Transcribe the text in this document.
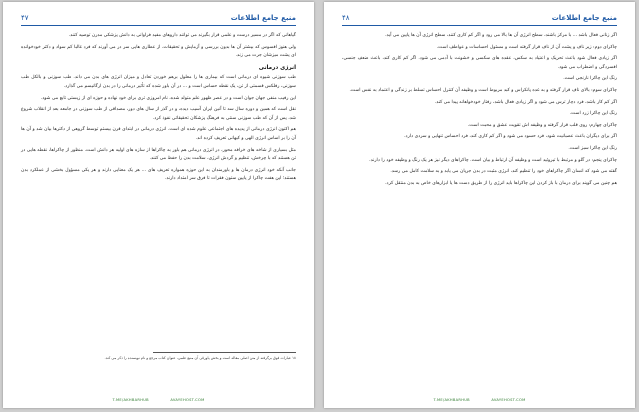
منبع جامع اطلاعات
۴۷

گیاهانی که اگر در مسیر درست و علمی قرار بگیرند می توانند داروهای مفید فراوانی به دانش پزشکی مدرن توصیه کنند.

ولی هنوز افسوس که بیشتر آن ها بدون بررسی و آزمایش و تحقیقات، از عطاری هایی سر در می آورند که فرد غالبا کم سواد و دکتر خودخوانده ای پشت میزشان جرت می زند.

انرژی درمانی

طب سوزنی شیوه ای درمانی است که بیماری ها را معلول برهم خوردن تعادل و میزان انرژی های بدن می داند. طب سوزنی و بالکل طب سوزنی، رفلکس قسمتی از تن، یک نقطه حساس است و ... در آن باور شده که تأثیر درمانی را در بدن ارگانیسم می گذارد.

این رفیب منفی جهان جوان است و در عصر ظهور علم متولد شده، نام امروزی تری برای خود نهاده و حوزه ای از زیستی تابع می شود.

نقل است که همین و دوره سال سه تا آنین ایران آسیب دیده، و در گذر از سال های دور، مصداقی از طب سوزنی در جامعه بعد از انقلاب شروع شد، پس از آن که طب سوزنی سنتی به فرهنگ پزشکان تحقیقاتی نفوذ کرد.

هم اکنون انرژی درمانی از پدیده های اجتماعی علوم شده ای است. انرژی درمانی در ابتدای قرن بیستم توسط گروهی از دکترها بیان شد و آن ها آن را بر اساس انرژی الهی و کیهانی تعریف کرده اند.

مثل بسیاری از شاخه های خرافه محور، در انرژی درمانی هم باور به چاکراها از سازه های اولیه هر دانش است. منظور از چاکراها، نقطه هایی در تن هستند که با چرخش، تنظیم و گردش انرژی، سلامت بدن را حفظ می کنند.

جانب آنکه خود انرژی درمان ها و باورمندان به این حوزه همواره تعریف های ... هر یک معنایی دارند و هر یکی مسؤول بخشی از عملکرد بدن هستند؛ این هفت چاکرا از پایین ستون فقرات تا فرق سر امتداد دارند.

۱۸ عبارات فوق برگرفته از متن اصلی مقاله است و بخش پاورقی آن منبع علمی، عنوان کتاب مرجع و نام نویسنده را ذکر می کند.
T.ME/AKHBARHUB	AVAYEHOST.COM
منبع جامع اطلاعات
۴۸

اگر زنانی فعال باشد ... با مرکز باشند، سطح انرژی آن ها بالا می رود و اگر کم کاری کنند، سطح انرژی آن ها پایین می آید.

چاکرای دوم: زیر ناف و پشت آن از ناف قرار گرفته است و مسئول احساسات و عواطف است.

اگر زیادی فعال شود باعث تحریک و اعتیاد به سکس، عقده های سکسی و خشونت با آدمی می شود. اگر کم کاری کند، باعث ضعف جنسی، افسردگی و اضطراب می شود.

رنگ این چاکرا نارنجی است.

چاکرای سوم: بالای ناف قرار گرفته و به غده پانکراس و کبد مربوط است و وظیفه آن کنترل احساس تسلط بر زندگی و اعتماد به نفس است.

اگر کم کار باشد، فرد دچار ترس می شود و اگر زیادی فعال باشد، رفتار خودخواهانه پیدا می کند.

رنگ این چاکرا زرد است.

چاکرای چهارم: روی قلب قرار گرفته و وظیفه اش تقویت عشق و محبت است.

اگر برای دیگران باعث عصبانیت شود، فرد حسود می شود و اگر کم کاری کند، فرد احساس تنهایی و سردی دارد.

رنگ این چاکرا سبز است.

چاکرای پنجم: در گلو و مرتبط با تیروئید است و وظیفه آن ارتباط و بیان است. چاکراهای دیگر نیز هر یک رنگ و وظیفه خود را دارند.

گفته می شود که انسان اگر چاکراهای خود را تنظیم کند، انرژی مثبت در بدن جریان می یابد و به سلامت کامل می رسد.

هم چنین می گویند برای درمان با باز کردن این چاکراها باید انرژی را از طریق دست ها یا ابزارهای خاص به بدن منتقل کرد.

T.ME/AKHBARHUB	AVAYEHOST.COM
